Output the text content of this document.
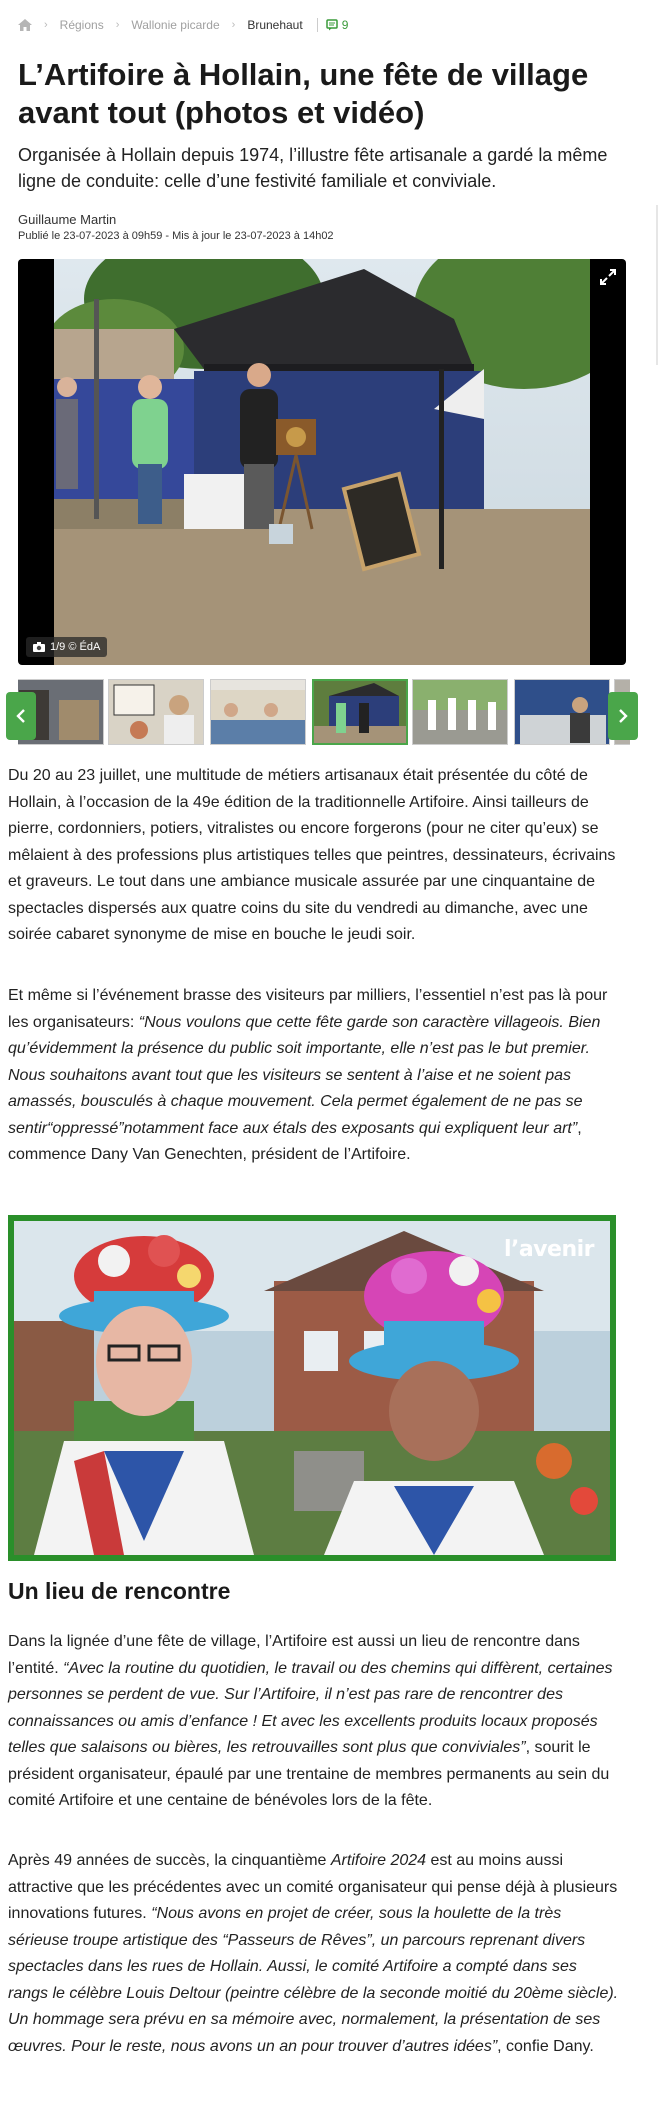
› Régions › Wallonie picarde › Brunehaut	9
L’Artifoire à Hollain, une fête de village avant tout (photos et vidéo)

Organisée à Hollain depuis 1974, l’illustre fête artisanale a gardé la même ligne de conduite: celle d’une festivité familiale et conviviale.

Guillaume Martin
Publié le 23-07-2023 à 09h59 - Mis à jour le 23-07-2023 à 14h02
1/9 © ÉdA

Du 20 au 23 juillet, une multitude de métiers artisanaux était présentée du côté de Hollain, à l’occasion de la 49e édition de la traditionnelle Artifoire. Ainsi tailleurs de pierre, cordonniers, potiers, vitralistes ou encore forgerons (pour ne citer qu’eux) se mêlaient à des professions plus artistiques telles que peintres, dessinateurs, écrivains et graveurs. Le tout dans une ambiance musicale assurée par une cinquantaine de spectacles dispersés aux quatre coins du site du vendredi au dimanche, avec une soirée cabaret synonyme de mise en bouche le jeudi soir.

Et même si l’événement brasse des visiteurs par milliers, l’essentiel n’est pas là pour les organisateurs: “Nous voulons que cette fête garde son caractère villageois. Bien qu’évidemment la présence du public soit importante, elle n’est pas le but premier. Nous souhaitons avant tout que les visiteurs se sentent à l’aise et ne soient pas amassés, bousculés à chaque mouvement. Cela permet également de ne pas se sentir“oppressé”notamment face aux étals des exposants qui expliquent leur art”, commence Dany Van Genechten, président de l’Artifoire.

l’avenir
Un lieu de rencontre

Dans la lignée d’une fête de village, l’Artifoire est aussi un lieu de rencontre dans l’entité. “Avec la routine du quotidien, le travail ou des chemins qui diffèrent, certaines personnes se perdent de vue. Sur l’Artifoire, il n’est pas rare de rencontrer des connaissances ou amis d’enfance ! Et avec les excellents produits locaux proposés telles que salaisons ou bières, les retrouvailles sont plus que conviviales”, sourit le président organisateur, épaulé par une trentaine de membres permanents au sein du comité Artifoire et une centaine de bénévoles lors de la fête.

Après 49 années de succès, la cinquantième Artifoire 2024 est au moins aussi attractive que les précédentes avec un comité organisateur qui pense déjà à plusieurs innovations futures. “Nous avons en projet de créer, sous la houlette de la très sérieuse troupe artistique des “Passeurs de Rêves”, un parcours reprenant divers spectacles dans les rues de Hollain. Aussi, le comité Artifoire a compté dans ses rangs le célèbre Louis Deltour (peintre célèbre de la seconde moitié du 20ème siècle). Un hommage sera prévu en sa mémoire avec, normalement, la présentation de ses œuvres. Pour le reste, nous avons un an pour trouver d’autres idées”, confie Dany.
